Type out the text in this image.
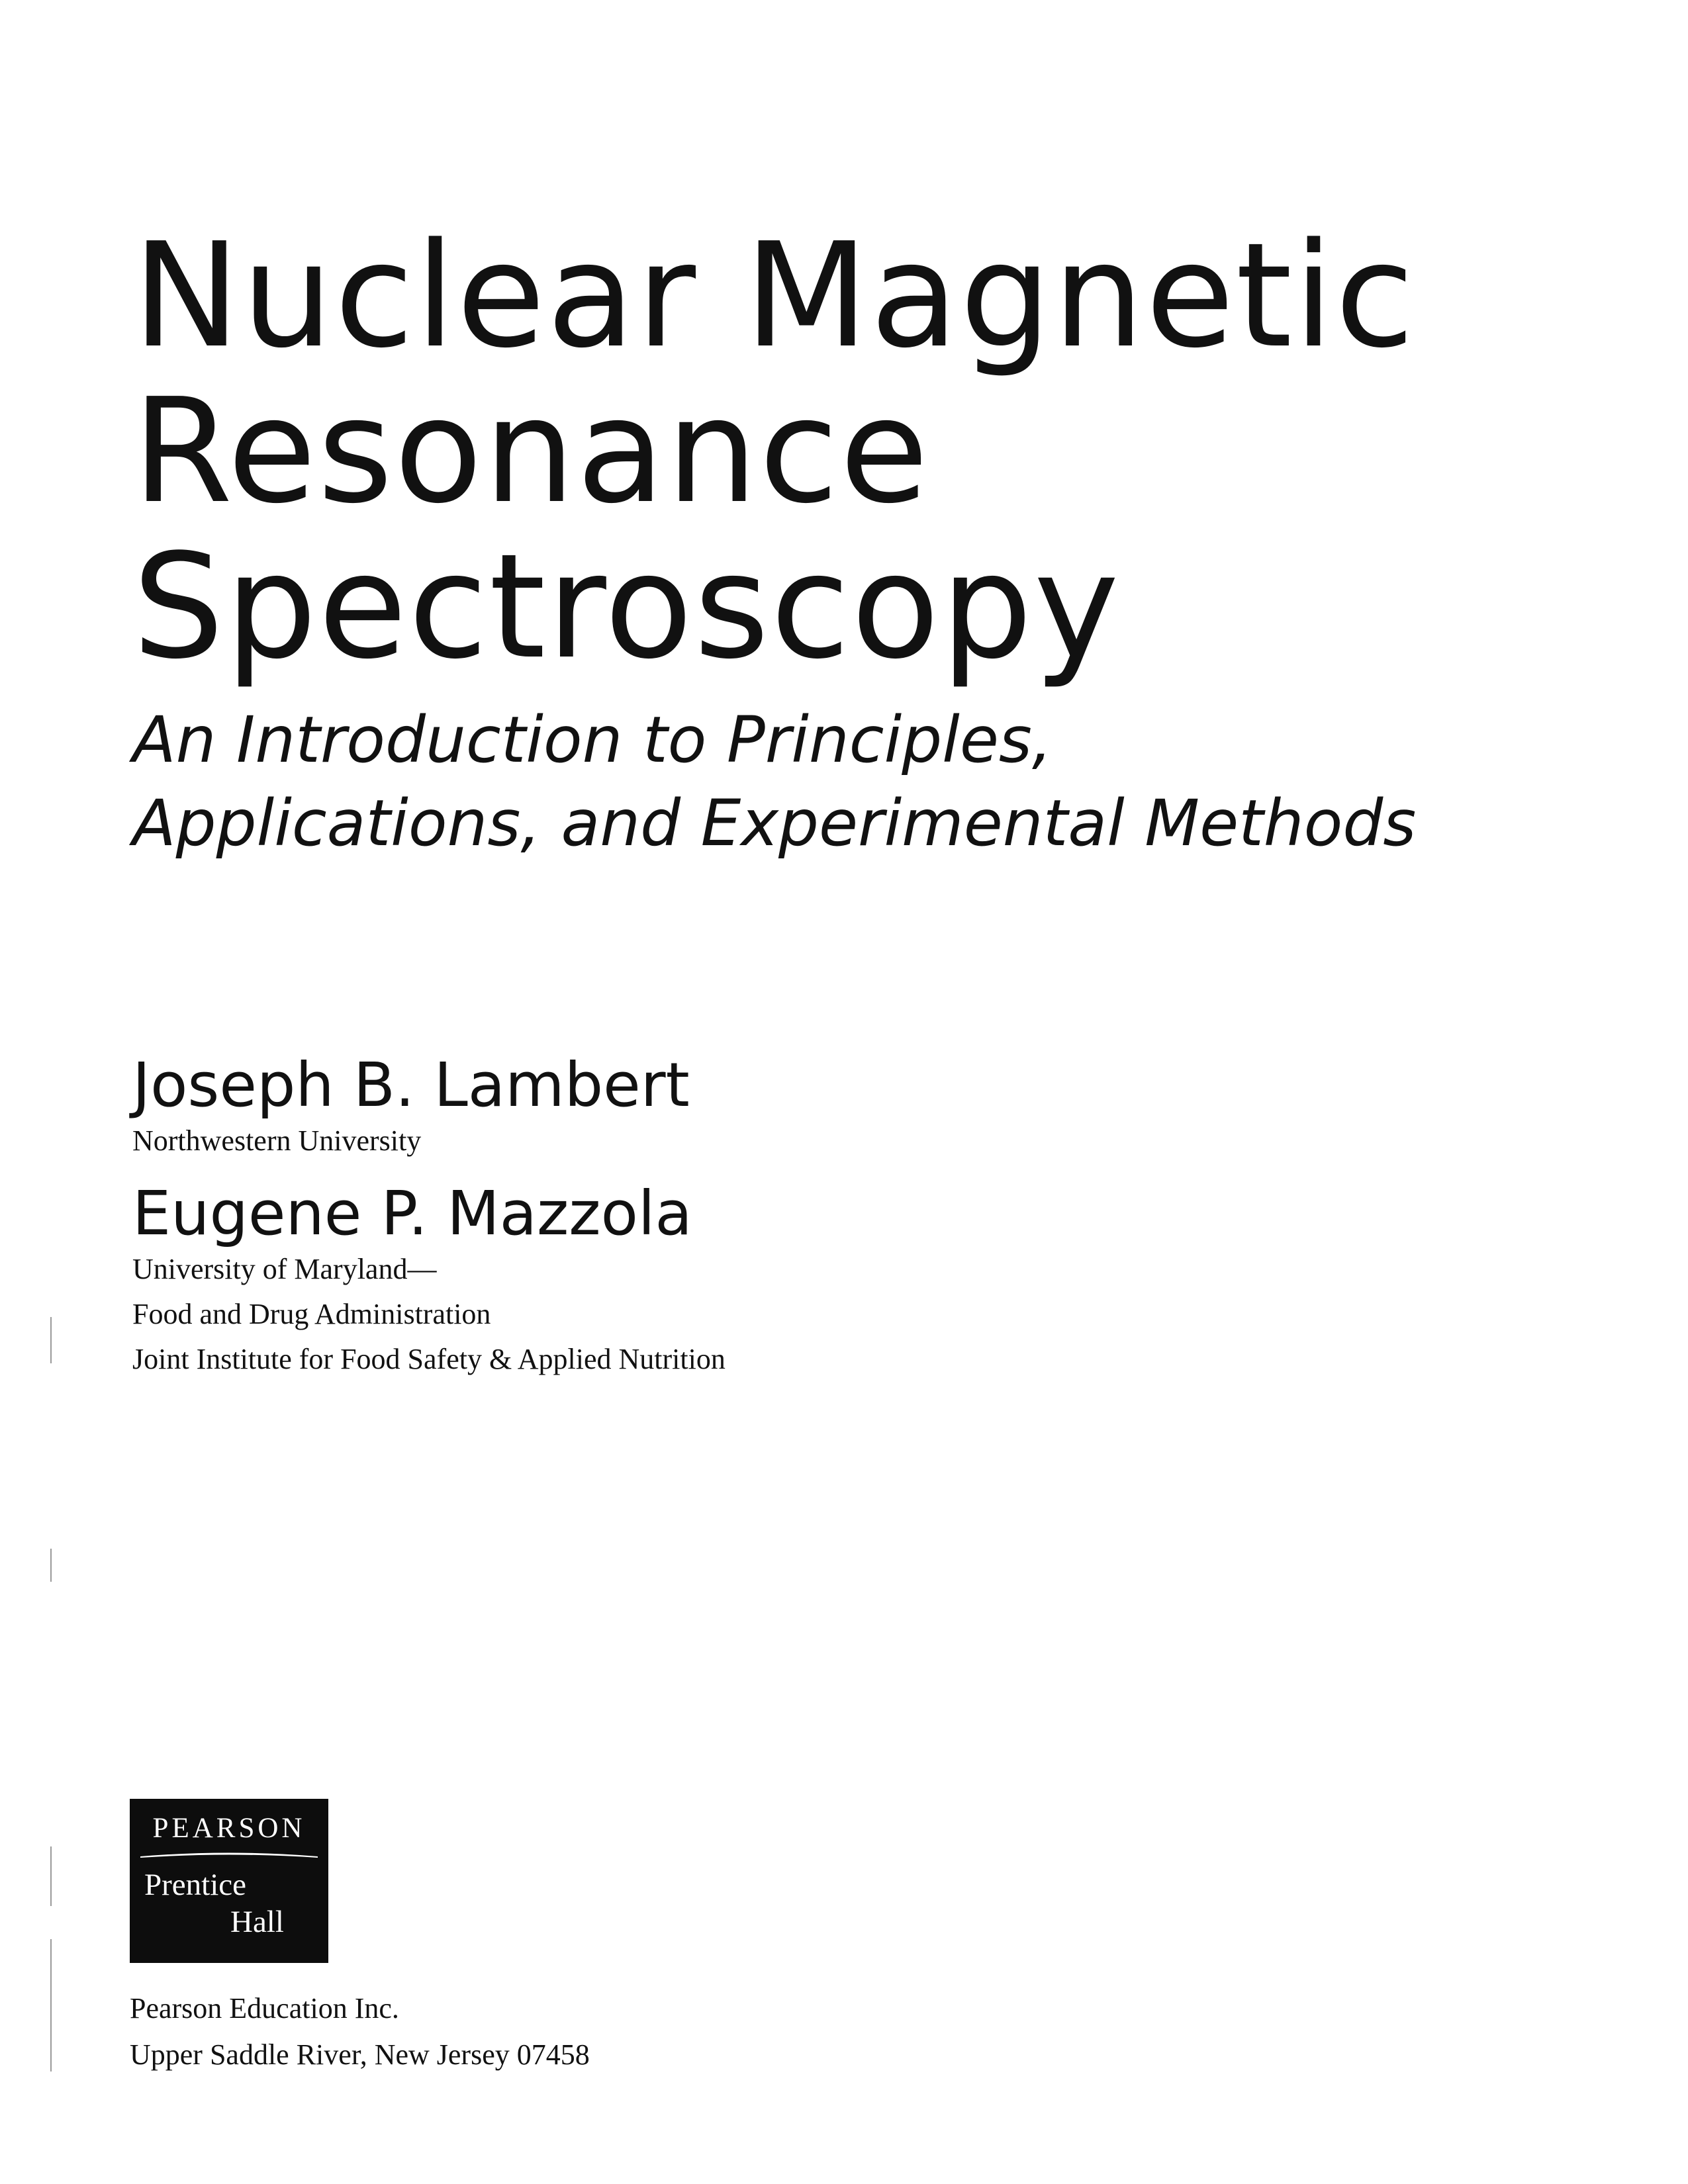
Nuclear Magnetic
Resonance
Spectroscopy
An Introduction to Principles,
Applications, and Experimental Methods
Joseph B. Lambert
Northwestern University
Eugene P. Mazzola
University of Maryland—
Food and Drug Administration
Joint Institute for Food Safety & Applied Nutrition
PEARSON
Prentice
Hall
Pearson Education Inc.
Upper Saddle River, New Jersey 07458
